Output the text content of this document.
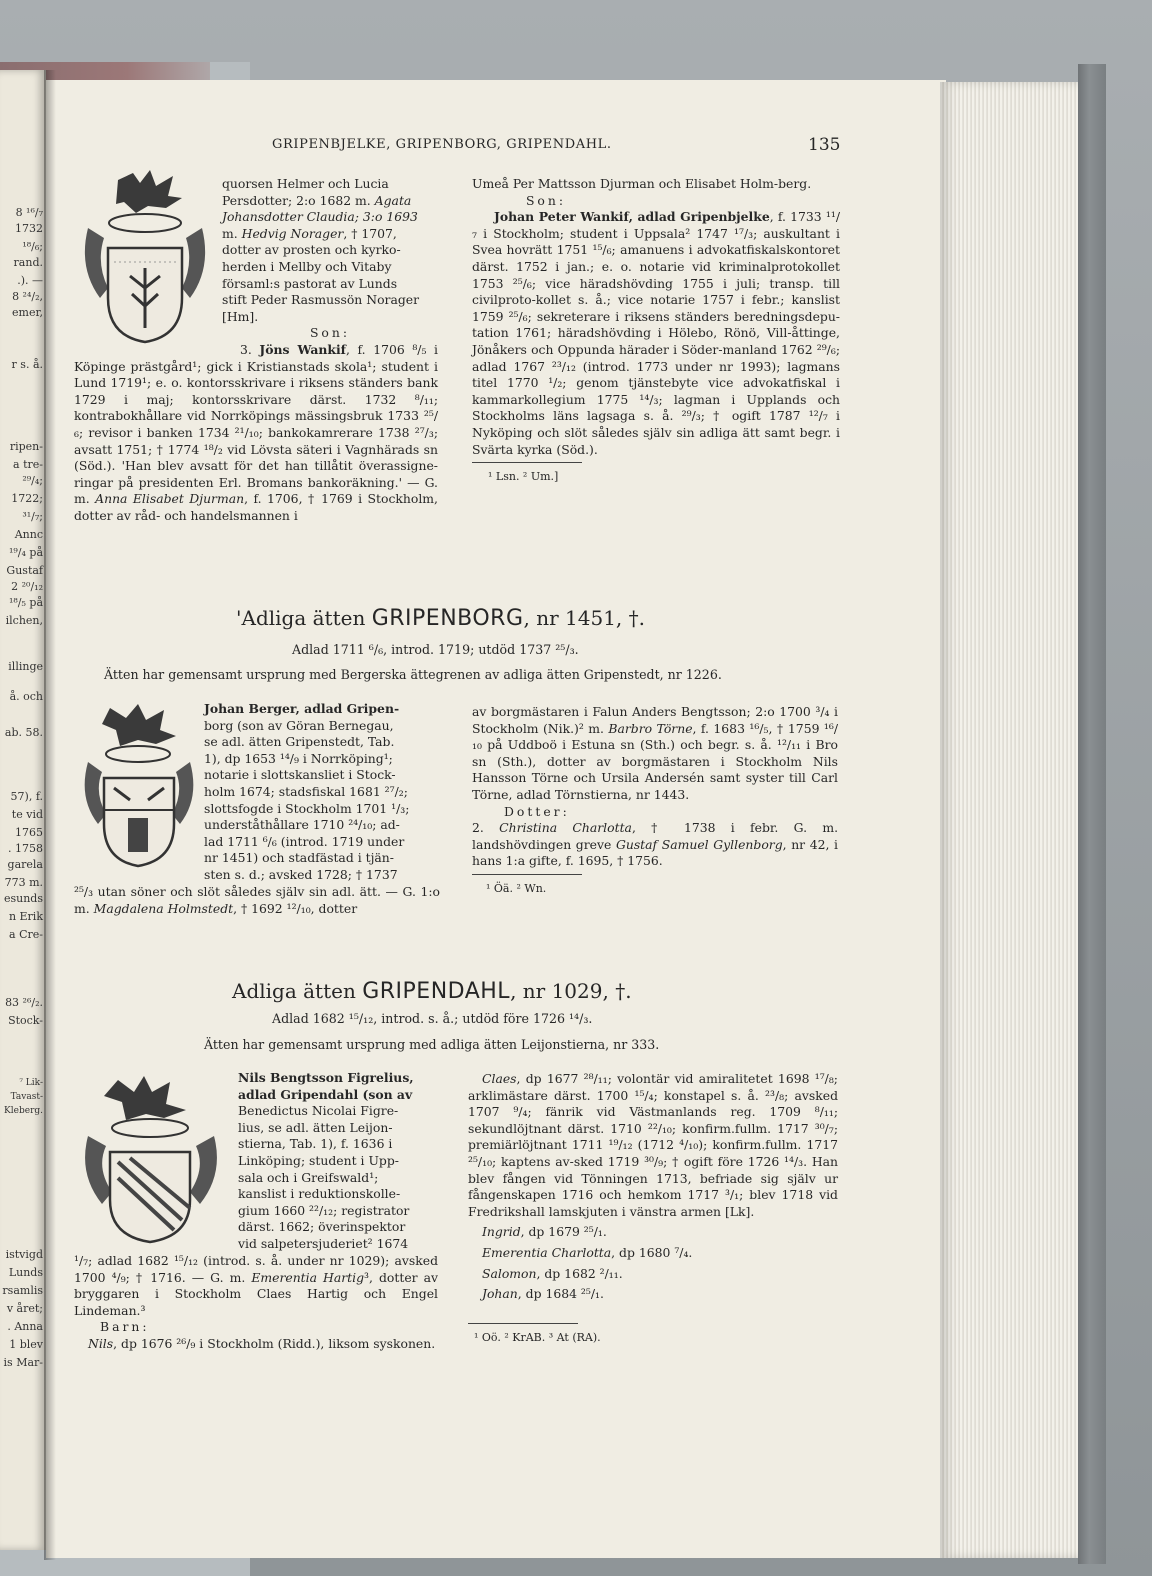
8 ¹⁶/₇
1732
¹⁸/₆;
rand.
.). —
8 ²⁴/₂,
emer,
r s. å.
ripen-
a tre-
²⁹/₄;
1722;
³¹/₇;
Annc
¹⁹/₄ på
Gustaf
2 ²⁰/₁₂
¹⁸/₅ på
ilchen,
illinge
å. och
ab. 58.
57), f.
te vid
1765
. 1758
garela
773 m.
esunds
n Erik
a Cre-
83 ²⁶/₂.
Stock-
⁷ Lik-
Tavast-
Kleberg.
istvigd
Lunds
rsamlis
v året;
. Anna
1 blev
is Mar-
GRIPENBJELKE, GRIPENBORG, GRIPENDAHL.	135

quorsen Helmer och Lucia

Persdotter; 2:o 1682 m. Agata

Johansdotter Claudia; 3:o 1693

m. Hedvig Norager, † 1707,

dotter av prosten och kyrko-

herden i Mellby och Vitaby

församl:s pastorat av Lunds

stift Peder Rasmussön Norager

[Hm].

Son:

3. Jöns Wankif, f. 1706 ⁸/₅ i Köpinge prästgård¹; gick i Kristianstads skola¹; student i Lund 1719¹; e. o. kontorsskrivare i riksens ständers bank 1729 i maj; kontorsskrivare därst. 1732 ⁸/₁₁; kontrabokhållare vid Norrköpings mässingsbruk 1733 ²⁵/₆; revisor i banken 1734 ²¹/₁₀; bankokamrerare 1738 ²⁷/₃; avsatt 1751; † 1774 ¹⁸/₂ vid Lövsta säteri i Vagnhärads sn (Söd.). 'Han blev avsatt för det han tillåtit överassigne-ringar på presidenten Erl. Bromans bankoräkning.' — G. m. Anna Elisabet Djurman, f. 1706, † 1769 i Stockholm, dotter av råd- och handelsmannen i

Umeå Per Mattsson Djurman och Elisabet Holm-berg.

Son:

Johan Peter Wankif, adlad Gripenbjelke, f. 1733 ¹¹/₇ i Stockholm; student i Uppsala² 1747 ¹⁷/₃; auskultant i Svea hovrätt 1751 ¹⁵/₆; amanuens i advokatfiskalskontoret därst. 1752 i jan.; e. o. notarie vid kriminalprotokollet 1753 ²⁵/₆; vice häradshövding 1755 i juli; transp. till civilproto-kollet s. å.; vice notarie 1757 i febr.; kanslist 1759 ²⁵/₆; sekreterare i riksens ständers beredningsdepu-tation 1761; häradshövding i Hölebo, Rönö, Vill-åttinge, Jönåkers och Oppunda härader i Söder-manland 1762 ²⁹/₆; adlad 1767 ²³/₁₂ (introd. 1773 under nr 1993); lagmans titel 1770 ¹/₂; genom tjänstebyte vice advokatfiskal i kammarkollegium 1775 ¹⁴/₃; lagman i Upplands och Stockholms läns lagsaga s. å. ²⁹/₃; † ogift 1787 ¹²/₇ i Nyköping och slöt således själv sin adliga ätt samt begr. i Svärta kyrka (Söd.).

¹ Lsn. ² Um.]

'Adliga ätten GRIPENBORG, nr 1451, †.
Adlad 1711 ⁶/₆, introd. 1719; utdöd 1737 ²⁵/₃.
Ätten har gemensamt ursprung med Bergerska ättegrenen av adliga ätten Gripenstedt, nr 1226.

Johan Berger, adlad Gripen-

borg (son av Göran Bernegau,

se adl. ätten Gripenstedt, Tab.

1), dp 1653 ¹⁴/₉ i Norrköping¹;

notarie i slottskansliet i Stock-

holm 1674; stadsfiskal 1681 ²⁷/₂;

slottsfogde i Stockholm 1701 ¹/₃;

underståthållare 1710 ²⁴/₁₀; ad-

lad 1711 ⁶/₆ (introd. 1719 under

nr 1451) och stadfästad i tjän-

sten s. d.; avsked 1728; † 1737

²⁵/₃ utan söner och slöt således själv sin adl. ätt. — G. 1:o m. Magdalena Holmstedt, † 1692 ¹²/₁₀, dotter

av borgmästaren i Falun Anders Bengtsson; 2:o 1700 ³/₄ i Stockholm (Nik.)² m. Barbro Törne, f. 1683 ¹⁶/₅, † 1759 ¹⁶/₁₀ på Uddboö i Estuna sn (Sth.) och begr. s. å. ¹²/₁₁ i Bro sn (Sth.), dotter av borgmästaren i Stockholm Nils Hansson Törne och Ursila Andersén samt syster till Carl Törne, adlad Törnstierna, nr 1443.

Dotter:

2. Christina Charlotta, † 1738 i febr. G. m. landshövdingen greve Gustaf Samuel Gyllenborg, nr 42, i hans 1:a gifte, f. 1695, † 1756.

¹ Öä. ² Wn.

Adliga ätten GRIPENDAHL, nr 1029, †.
Adlad 1682 ¹⁵/₁₂, introd. s. å.; utdöd före 1726 ¹⁴/₃.
Ätten har gemensamt ursprung med adliga ätten Leijonstierna, nr 333.

Nils Bengtsson Figrelius,

adlad Gripendahl (son av

Benedictus Nicolai Figre-

lius, se adl. ätten Leijon-

stierna, Tab. 1), f. 1636 i

Linköping; student i Upp-

sala och i Greifswald¹;

kanslist i reduktionskolle-

gium 1660 ²²/₁₂; registrator

därst. 1662; överinspektor

vid salpetersjuderiet² 1674

¹/₇; adlad 1682 ¹⁵/₁₂ (introd. s. å. under nr 1029); avsked 1700 ⁴/₉; † 1716. — G. m. Emerentia Hartig³, dotter av bryggaren i Stockholm Claes Hartig och Engel Lindeman.³

Barn:

Nils, dp 1676 ²⁶/₉ i Stockholm (Ridd.), liksom syskonen.

Claes, dp 1677 ²⁸/₁₁; volontär vid amiralitetet 1698 ¹⁷/₈; arklimästare därst. 1700 ¹⁵/₄; konstapel s. å. ²³/₈; avsked 1707 ⁹/₄; fänrik vid Västmanlands reg. 1709 ⁸/₁₁; sekundlöjtnant därst. 1710 ²²/₁₀; konfirm.fullm. 1717 ³⁰/₇; premiärlöjtnant 1711 ¹⁹/₁₂ (1712 ⁴/₁₀); konfirm.fullm. 1717 ²⁵/₁₀; kaptens av-sked 1719 ³⁰/₉; † ogift före 1726 ¹⁴/₃. Han blev fången vid Tönningen 1713, befriade sig själv ur fångenskapen 1716 och hemkom 1717 ³/₁; blev 1718 vid Fredrikshall lamskjuten i vänstra armen [Lk].

Ingrid, dp 1679 ²⁵/₁.

Emerentia Charlotta, dp 1680 ⁷/₄.

Salomon, dp 1682 ²/₁₁.

Johan, dp 1684 ²⁵/₁.

¹ Oö. ² KrAB. ³ At (RA).
